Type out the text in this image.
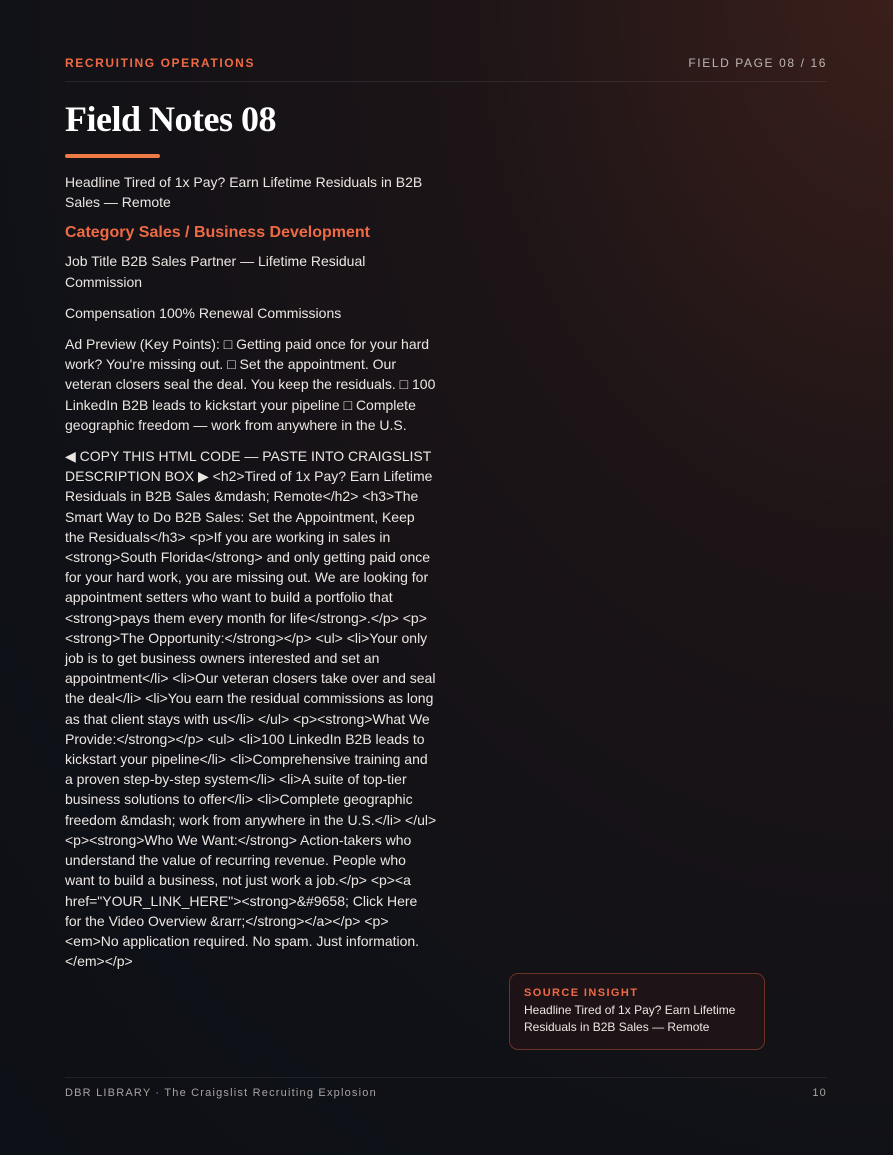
RECRUITING OPERATIONS	FIELD PAGE 08 / 16
Field Notes 08

Headline Tired of 1x Pay? Earn Lifetime Residuals in B2B Sales — Remote

Category Sales / Business Development

Job Title B2B Sales Partner — Lifetime Residual Commission

Compensation 100% Renewal Commissions

Ad Preview (Key Points): □ Getting paid once for your hard work? You're missing out. □ Set the appointment. Our veteran closers seal the deal. You keep the residuals. □ 100 LinkedIn B2B leads to kickstart your pipeline □ Complete geographic freedom — work from anywhere in the U.S.

◀ COPY THIS HTML CODE — PASTE INTO CRAIGSLIST DESCRIPTION BOX ▶ <h2>Tired of 1x Pay? Earn Lifetime Residuals in B2B Sales &mdash; Remote</h2> <h3>The Smart Way to Do B2B Sales: Set the Appointment, Keep the Residuals</h3> <p>If you are working in sales in <strong>South Florida</strong> and only getting paid once for your hard work, you are missing out. We are looking for appointment setters who want to build a portfolio that <strong>pays them every month for life</strong>.</p> <p><strong>The Opportunity:</strong></p> <ul> <li>Your only job is to get business owners interested and set an appointment</li> <li>Our veteran closers take over and seal the deal</li> <li>You earn the residual commissions as long as that client stays with us</li> </ul> <p><strong>What We Provide:</strong></p> <ul> <li>100 LinkedIn B2B leads to kickstart your pipeline</li> <li>Comprehensive training and a proven step-by-step system</li> <li>A suite of top-tier business solutions to offer</li> <li>Complete geographic freedom &mdash; work from anywhere in the U.S.</li> </ul> <p><strong>Who We Want:</strong> Action-takers who understand the value of recurring revenue. People who want to build a business, not just work a job.</p> <p><a href="YOUR_LINK_HERE"><strong>&#9658; Click Here for the Video Overview &rarr;</strong></a></p> <p><em>No application required. No spam. Just information.</em></p>

SOURCE INSIGHT
Headline Tired of 1x Pay? Earn Lifetime Residuals in B2B Sales — Remote
DBR LIBRARY · The Craigslist Recruiting Explosion	10
